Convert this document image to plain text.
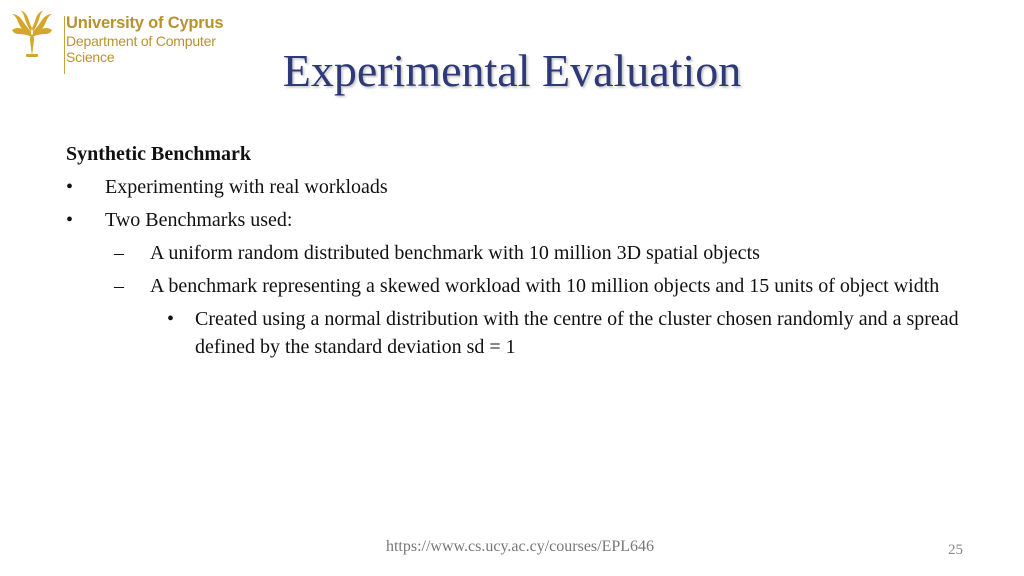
University of Cyprus
Department of Computer
Science	Experimental Evaluation
Synthetic Benchmark
• Experimenting with real workloads
• Two Benchmarks used:
– A uniform random distributed benchmark with 10 million 3D spatial objects
– A benchmark representing a skewed workload with 10 million objects and 15 units of object width
• Created using a normal distribution with the centre of the cluster chosen randomly and a spread defined by the standard deviation sd = 1
https://www.cs.ucy.ac.cy/courses/EPL646	25
